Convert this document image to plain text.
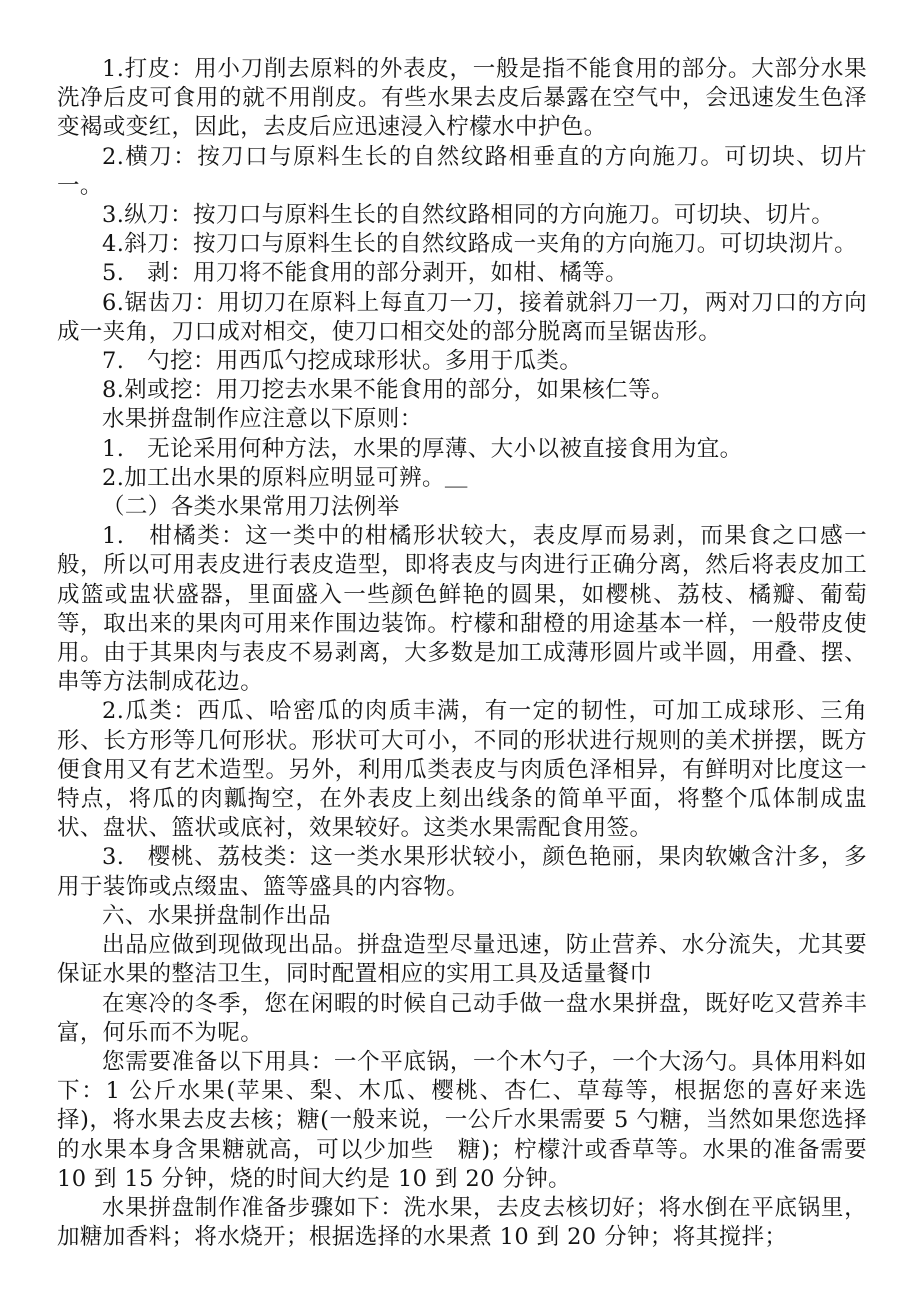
1.打皮：用小刀削去原料的外表皮，一般是指不能食用的部分。大部分水果洗净后皮可食用的就不用削皮。有些水果去皮后暴露在空气中，会迅速发生色泽变褐或变红，因此，去皮后应迅速浸入柠檬水中护色。

2.横刀：按刀口与原料生长的自然纹路相垂直的方向施刀。可切块、切片一。

3.纵刀：按刀口与原料生长的自然纹路相同的方向施刀。可切块、切片。

4.斜刀：按刀口与原料生长的自然纹路成一夹角的方向施刀。可切块沏片。

5.　剥：用刀将不能食用的部分剥开，如柑、橘等。

6.锯齿刀：用切刀在原料上每直刀一刀，接着就斜刀一刀，两对刀口的方向成一夹角，刀口成对相交，使刀口相交处的部分脱离而呈锯齿形。

7.　勺挖：用西瓜勺挖成球形状。多用于瓜类。

8.剁或挖：用刀挖去水果不能食用的部分，如果核仁等。

水果拼盘制作应注意以下原则：

1.　无论采用何种方法，水果的厚薄、大小以被直接食用为宜。

2.加工出水果的原料应明显可辨。＿

（二）各类水果常用刀法例举

1.　柑橘类：这一类中的柑橘形状较大，表皮厚而易剥，而果食之口感一般，所以可用表皮进行表皮造型，即将表皮与肉进行正确分离，然后将表皮加工成篮或盅状盛器，里面盛入一些颜色鲜艳的圆果，如樱桃、荔枝、橘瓣、葡萄等，取出来的果肉可用来作围边装饰。柠檬和甜橙的用途基本一样，一般带皮使用。由于其果肉与表皮不易剥离，大多数是加工成薄形圆片或半圆，用叠、摆、串等方法制成花边。

2.瓜类：西瓜、哈密瓜的肉质丰满，有一定的韧性，可加工成球形、三角形、长方形等几何形状。形状可大可小，不同的形状进行规则的美术拼摆，既方便食用又有艺术造型。另外，利用瓜类表皮与肉质色泽相异，有鲜明对比度这一特点，将瓜的肉瓤掏空，在外表皮上刻出线条的简单平面，将整个瓜体制成盅状、盘状、篮状或底衬，效果较好。这类水果需配食用签。

3.　樱桃、荔枝类：这一类水果形状较小，颜色艳丽，果肉软嫩含汁多，多用于装饰或点缀盅、篮等盛具的内容物。

六、水果拼盘制作出品

出品应做到现做现出品。拼盘造型尽量迅速，防止营养、水分流失，尤其要保证水果的整洁卫生，同时配置相应的实用工具及适量餐巾

在寒冷的冬季，您在闲暇的时候自己动手做一盘水果拼盘，既好吃又营养丰富，何乐而不为呢。

您需要准备以下用具：一个平底锅，一个木勺子，一个大汤勺。具体用料如下：1 公斤水果(苹果、梨、木瓜、樱桃、杏仁、草莓等，根据您的喜好来选择)，将水果去皮去核；糖(一般来说，一公斤水果需要 5 勺糖，当然如果您选择的水果本身含果糖就高，可以少加些　糖)；柠檬汁或香草等。水果的准备需要 10 到 15 分钟，烧的时间大约是 10 到 20 分钟。

水果拼盘制作准备步骤如下：洗水果，去皮去核切好；将水倒在平底锅里，加糖加香料；将水烧开；根据选择的水果煮 10 到 20 分钟；将其搅拌；
